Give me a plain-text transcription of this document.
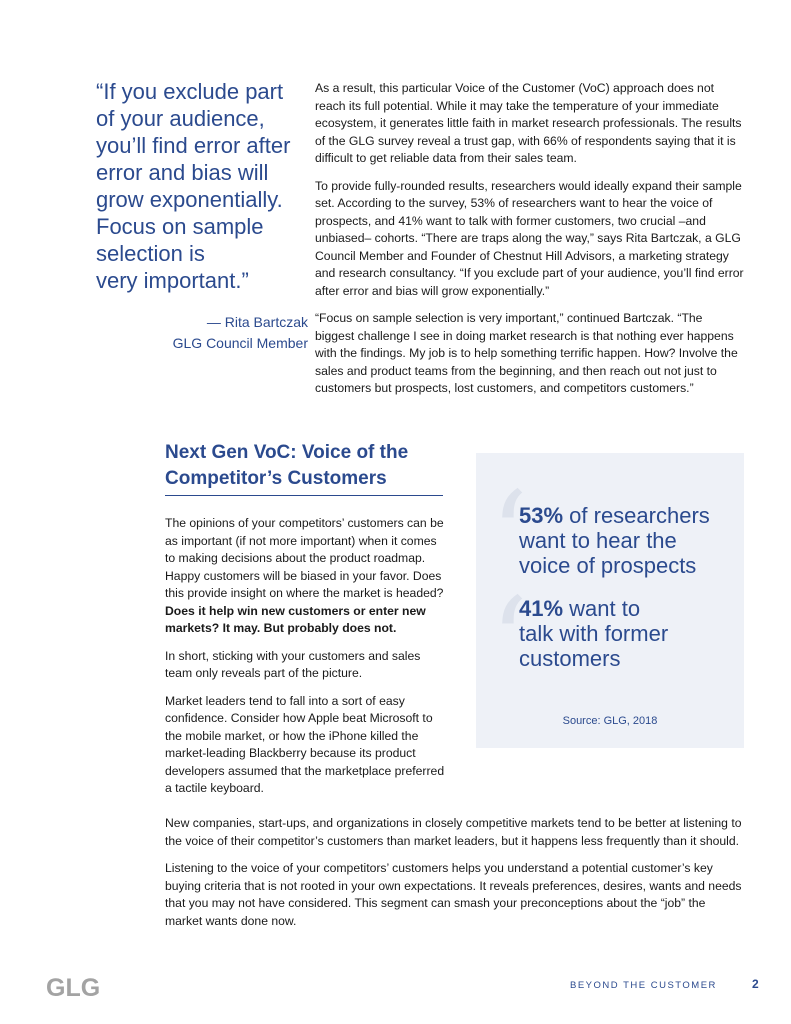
“If you exclude part
of your audience,
you’ll find error after
error and bias will
grow exponentially.
Focus on sample
selection is
very important.”
— Rita Bartczak
GLG Council Member

As a result, this particular Voice of the Customer (VoC) approach does not reach its full potential. While it may take the temperature of your immediate ecosystem, it generates little faith in market research professionals. The results of the GLG survey reveal a trust gap, with 66% of respondents saying that it is difficult to get reliable data from their sales team.

To provide fully-rounded results, researchers would ideally expand their sample set. According to the survey, 53% of researchers want to hear the voice of prospects, and 41% want to talk with former customers, two crucial –and unbiased– cohorts. “There are traps along the way,” says Rita Bartczak, a GLG Council Member and Founder of Chestnut Hill Advisors, a marketing strategy and research consultancy. “If you exclude part of your audience, you’ll find error after error and bias will grow exponentially.”

“Focus on sample selection is very important,” continued Bartczak. “The biggest challenge I see in doing market research is that nothing ever happens with the findings. My job is to help something terrific happen. How? Involve the sales and product teams from the beginning, and then reach out not just to customers but prospects, lost customers, and competitors customers.”

Next Gen VoC: Voice of the Competitor’s Customers

The opinions of your competitors’ customers can be as important (if not more important) when it comes to making decisions about the product roadmap. Happy customers will be biased in your favor. Does this provide insight on where the market is headed? Does it help win new customers or enter new markets? It may. But probably does not.

In short, sticking with your customers and sales team only reveals part of the picture.

Market leaders tend to fall into a sort of easy confidence. Consider how Apple beat Microsoft to the mobile market, or how the iPhone killed the market-leading Blackberry because its product developers assumed that the marketplace preferred a tactile keyboard.

‘
‘
53% of researchers
want to hear the
voice of prospects
41% want to
talk with former
customers
Source: GLG, 2018

New companies, start-ups, and organizations in closely competitive markets tend to be better at listening to the voice of their competitor’s customers than market leaders, but it happens less frequently than it should.

Listening to the voice of your competitors’ customers helps you understand a potential customer’s key buying criteria that is not rooted in your own expectations. It reveals preferences, desires, wants and needs that you may not have considered. This segment can smash your preconceptions about the “job” the market wants done now.

GLG	BEYOND THE CUSTOMER	2
